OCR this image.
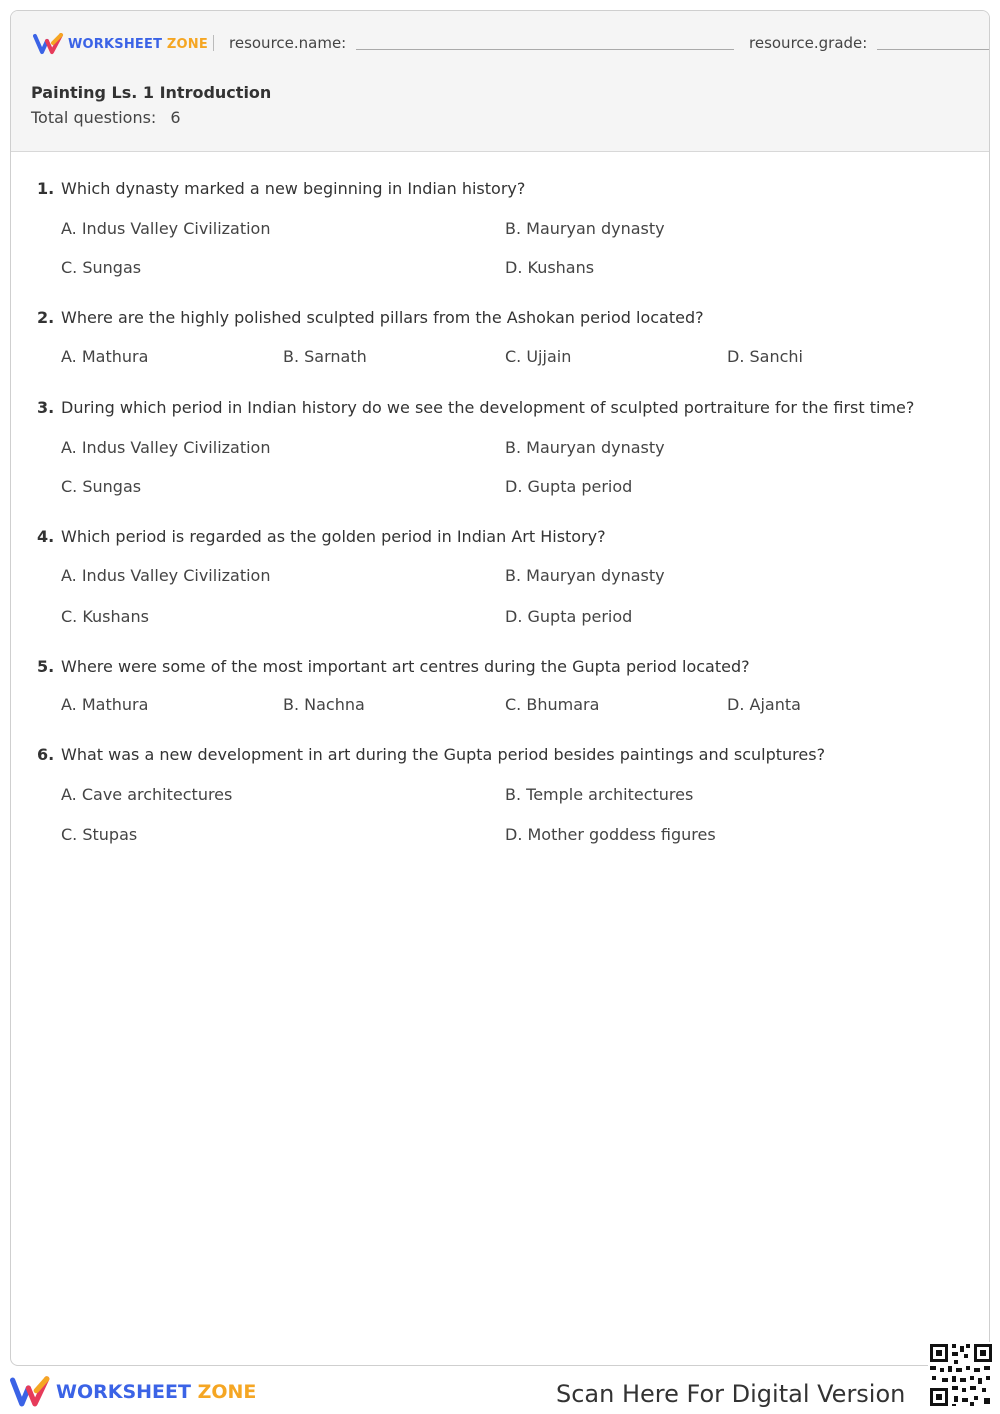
WORKSHEET ZONE resource.name:	resource.grade:
Painting Ls. 1 Introduction
Total questions: 6
1. Which dynasty marked a new beginning in Indian history?
A. Indus Valley Civilization	B. Mauryan dynasty
C. Sungas	D. Kushans
2. Where are the highly polished sculpted pillars from the Ashokan period located?
A. Mathura	B. Sarnath	C. Ujjain	D. Sanchi
3. During which period in Indian history do we see the development of sculpted portraiture for the first time?
A. Indus Valley Civilization	B. Mauryan dynasty
C. Sungas	D. Gupta period
4. Which period is regarded as the golden period in Indian Art History?
A. Indus Valley Civilization	B. Mauryan dynasty
C. Kushans	D. Gupta period
5. Where were some of the most important art centres during the Gupta period located?
A. Mathura	B. Nachna	C. Bhumara	D. Ajanta
6. What was a new development in art during the Gupta period besides paintings and sculptures?
A. Cave architectures	B. Temple architectures
C. Stupas	D. Mother goddess figures
WORKSHEET ZONE	Scan Here For Digital Version
